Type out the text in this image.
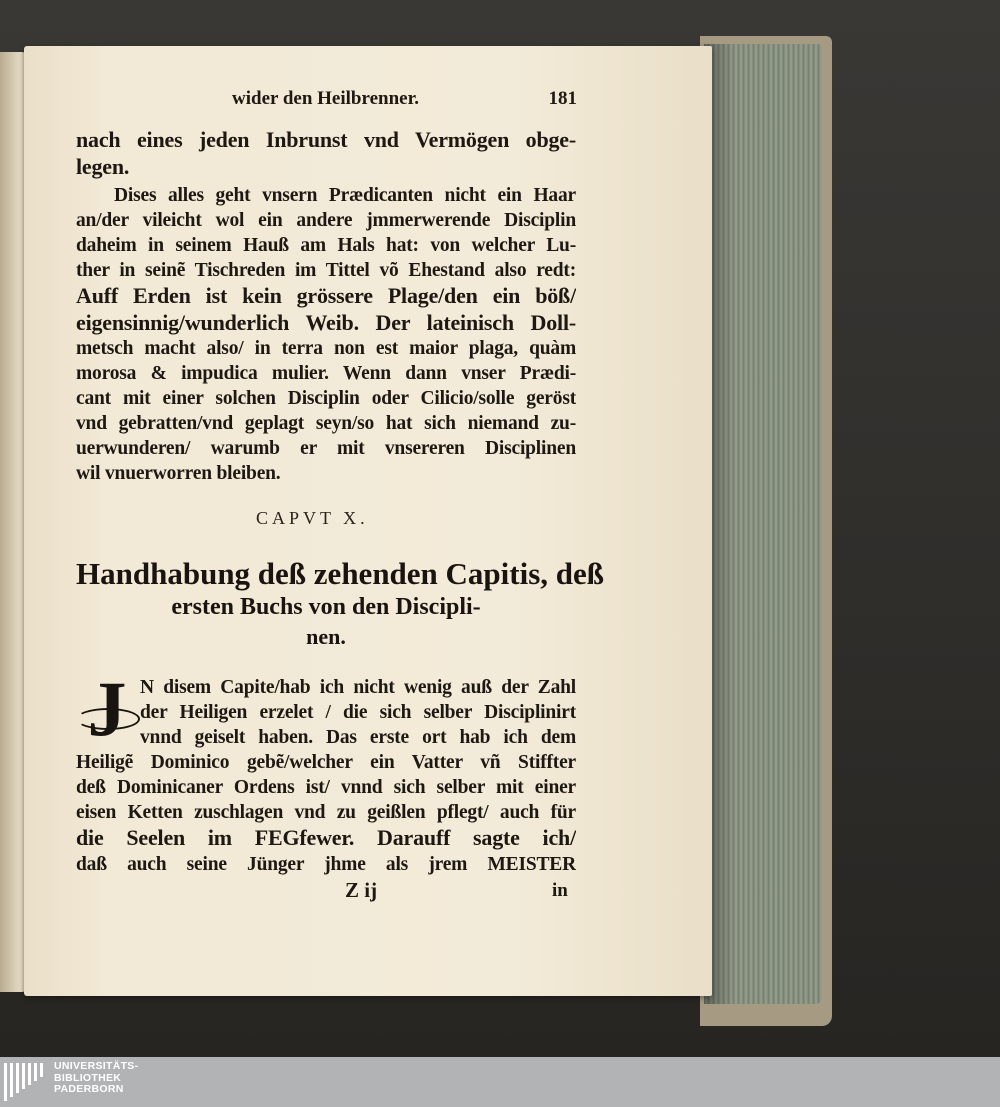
wider den Heilbrenner.	181
nach eines jeden Inbrunst vnd Vermögen obge-
legen.
Dises alles geht vnsern Prædicanten nicht ein Haar
an/der vileicht wol ein andere jmmerwerende Disciplin
daheim in seinem Hauß am Hals hat: von welcher Lu-
ther in seinẽ Tischreden im Tittel võ Ehestand also redt:
Auff Erden ist kein grössere Plage/den ein böß/
eigensinnig/wunderlich Weib. Der lateinisch Doll-
metsch macht also/ in terra non est maior plaga, quàm
morosa & impudica mulier. Wenn dann vnser Prædi-
cant mit einer solchen Disciplin oder Cilicio/solle geröst
vnd gebratten/vnd geplagt seyn/so hat sich niemand zu-
uerwunderen/ warumb er mit vnsereren Disciplinen
wil vnuerworren bleiben.
CAPVT X.
Handhabung deß zehenden Capitis, deß
ersten Buchs von den Discipli-
nen.
J N disem Capite/hab ich nicht wenig auß der Zahl
der Heiligen erzelet / die sich selber Disciplinirt
vnnd geiselt haben. Das erste ort hab ich dem
Heiligẽ Dominico gebẽ/welcher ein Vatter vñ Stiffter
deß Dominicaner Ordens ist/ vnnd sich selber mit einer
eisen Ketten zuschlagen vnd zu geißlen pflegt/ auch für
die Seelen im FEGfewer. Darauff sagte ich/
daß auch seine Jünger jhme als jrem MEISTER
Z ij	in
UNIVERSITÄTS-
BIBLIOTHEK
PADERBORN
